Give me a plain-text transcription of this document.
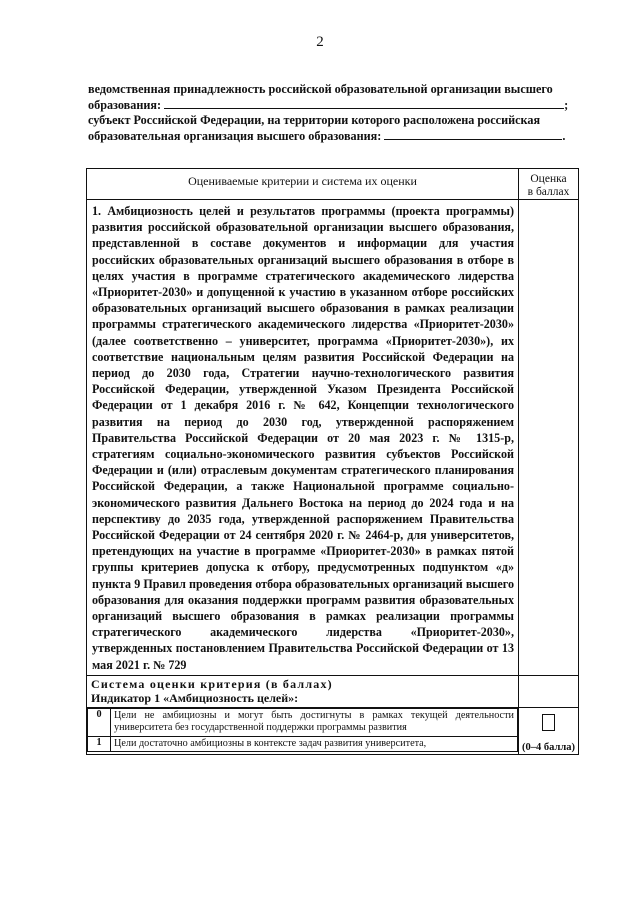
2

ведомственная принадлежность российской образовательной организации высшего

образования:	;

субъект Российской Федерации, на территории которого расположена российская

образовательная организация высшего образования:	.

Оцениваемые критерии и система их оценки	Оценка
в баллах

1. Амбициозность целей и результатов программы (проекта программы) развития российской образовательной организации высшего образования, представленной в составе документов и информации для участия российских образовательных организаций высшего образования в отборе в целях участия в программе стратегического академического лидерства «Приоритет-2030» и допущенной к участию в указанном отборе российских образовательных организаций высшего образования в рамках реализации программы стратегического академического лидерства «Приоритет-2030» (далее соответственно – университет, программа «Приоритет-2030»), их соответствие национальным целям развития Российской Федерации на период до 2030 года, Стратегии научно-технологического развития Российской Федерации, утвержденной Указом Президента Российской Федерации от 1 декабря 2016 г. № 642, Концепции технологического развития на период до 2030 год, утвержденной распоряжением Правительства Российской Федерации от 20 мая 2023 г. № 1315-р, стратегиям социально-экономического развития субъектов Российской Федерации и (или) отраслевым документам стратегического планирования Российской Федерации, а также Национальной программе социально-экономического развития Дальнего Востока на период до 2024 года и на перспективу до 2035 года, утвержденной распоряжением Правительства Российской Федерации от 24 сентября 2020 г. № 2464-р, для университетов, претендующих на участие в программе «Приоритет-2030» в рамках пятой группы критериев допуска к отбору, предусмотренных подпунктом «д» пункта 9 Правил проведения отбора образовательных организаций высшего образования для оказания поддержки программ развития образовательных организаций высшего образования в рамках реализации программы стратегического академического лидерства «Приоритет-2030», утвержденных постановлением Правительства Российской Федерации от 13 мая 2021 г. № 729	

Система оценки критерия (в баллах)
Индикатор 1 «Амбициозность целей»:

0	Цели не амбициозны и могут быть достигнуты в рамках текущей деятельности университета без государственной поддержки программы развития
1	Цели достаточно амбициозны в контексте задач развития университета,
		(0–4 балла)
